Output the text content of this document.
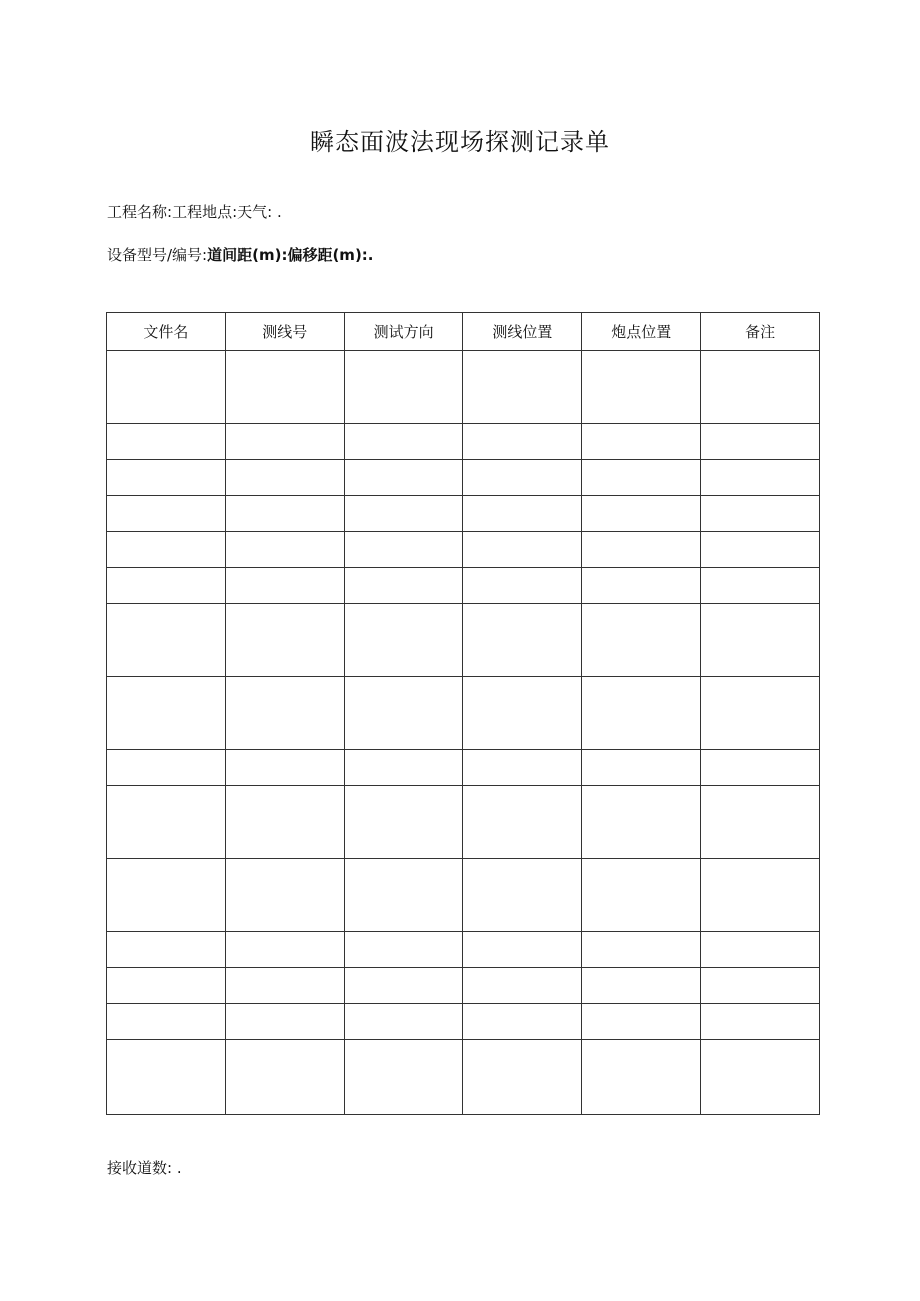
瞬态面波法现场探测记录单
工程名称:工程地点:天气: .
设备型号/编号:道间距(m):偏移距(m):.
文件名	测线号	测试方向	测线位置	炮点位置	备注

接收道数: .
